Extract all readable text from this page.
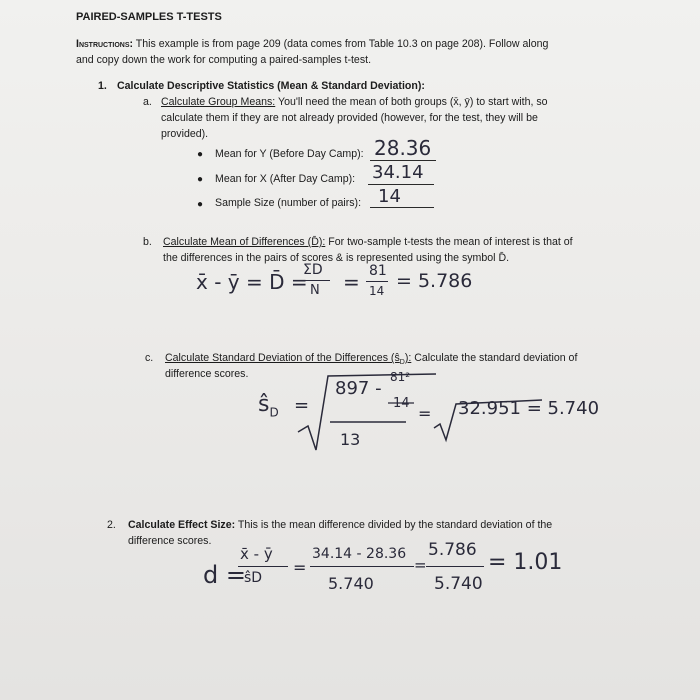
PAIRED-SAMPLES T-TESTS
Instructions: This example is from page 209 (data comes from Table 10.3 on page 208). Follow along
and copy down the work for computing a paired-samples t-test.
1. Calculate Descriptive Statistics (Mean & Standard Deviation):
a. Calculate Group Means: You'll need the mean of both groups (x̄, ȳ) to start with, so
calculate them if they are not already provided (however, for the test, they will be
provided).
● Mean for Y (Before Day Camp): 28.36
● Mean for X (After Day Camp): 34.14
● Sample Size (number of pairs): 14
b. Calculate Mean of Differences (D̄): For two-sample t-tests the mean of interest is that of
the differences in the pairs of scores & is represented using the symbol D̄.
x̄ - ȳ = D̄ =
ΣD
N = 81
14 = 5.786
c. Calculate Standard Deviation of the Differences $(ŝ_D)$: Calculate the standard deviation of
difference scores.
$ŝ_D$ =
897 -
81²
14
13
= 32.951 = 5.740
2. Calculate Effect Size: This is the mean difference divided by the standard deviation of the
difference scores.
d =
x̄ - ȳ
ŝD
=
34.14 - 28.36
5.740
=
5.786
5.740
= 1.01
